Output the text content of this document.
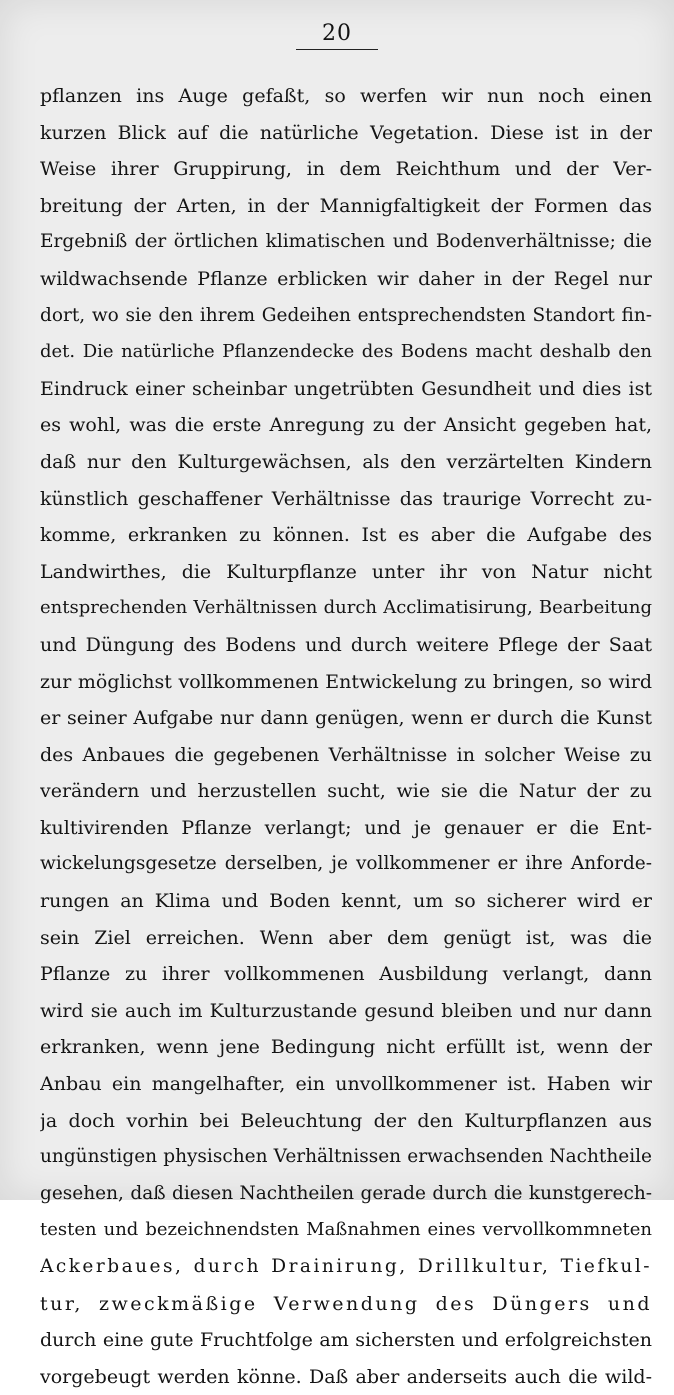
20
pflanzen ins Auge gefaßt, so werfen wir nun noch einen
kurzen Blick auf die natürliche Vegetation. Diese ist in der
Weise ihrer Gruppirung, in dem Reichthum und der Ver-
breitung der Arten, in der Mannigfaltigkeit der Formen das
Ergebniß der örtlichen klimatischen und Bodenverhältnisse; die
wildwachsende Pflanze erblicken wir daher in der Regel nur
dort, wo sie den ihrem Gedeihen entsprechendsten Standort fin-
det. Die natürliche Pflanzendecke des Bodens macht deshalb den
Eindruck einer scheinbar ungetrübten Gesundheit und dies ist
es wohl, was die erste Anregung zu der Ansicht gegeben hat,
daß nur den Kulturgewächsen, als den verzärtelten Kindern
künstlich geschaffener Verhältnisse das traurige Vorrecht zu-
komme, erkranken zu können. Ist es aber die Aufgabe des
Landwirthes, die Kulturpflanze unter ihr von Natur nicht
entsprechenden Verhältnissen durch Acclimatisirung, Bearbeitung
und Düngung des Bodens und durch weitere Pflege der Saat
zur möglichst vollkommenen Entwickelung zu bringen, so wird
er seiner Aufgabe nur dann genügen, wenn er durch die Kunst
des Anbaues die gegebenen Verhältnisse in solcher Weise zu
verändern und herzustellen sucht, wie sie die Natur der zu
kultivirenden Pflanze verlangt; und je genauer er die Ent-
wickelungsgesetze derselben, je vollkommener er ihre Anforde-
rungen an Klima und Boden kennt, um so sicherer wird er
sein Ziel erreichen. Wenn aber dem genügt ist, was die
Pflanze zu ihrer vollkommenen Ausbildung verlangt, dann
wird sie auch im Kulturzustande gesund bleiben und nur dann
erkranken, wenn jene Bedingung nicht erfüllt ist, wenn der
Anbau ein mangelhafter, ein unvollkommener ist. Haben wir
ja doch vorhin bei Beleuchtung der den Kulturpflanzen aus
ungünstigen physischen Verhältnissen erwachsenden Nachtheile
gesehen, daß diesen Nachtheilen gerade durch die kunstgerech-
testen und bezeichnendsten Maßnahmen eines vervollkommneten
Ackerbaues, durch Drainirung, Drillkultur, Tiefkul-
tur, zweckmäßige Verwendung des Düngers und
durch eine gute Fruchtfolge am sichersten und erfolgreichsten
vorgebeugt werden könne. Daß aber anderseits auch die wild-
